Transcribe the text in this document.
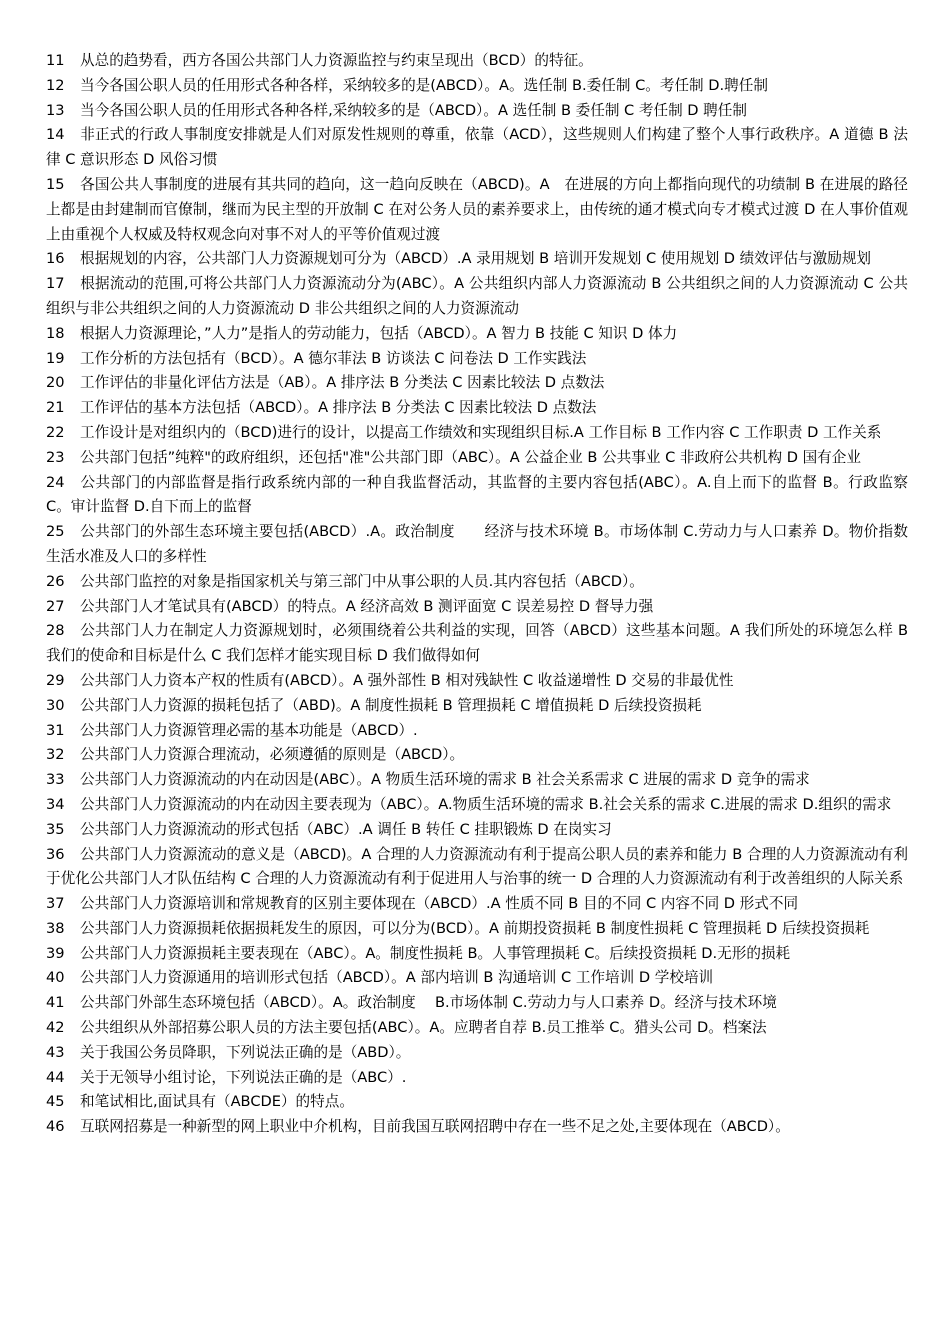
11 从总的趋势看，西方各国公共部门人力资源监控与约束呈现出（BCD）的特征。
12 当今各国公职人员的任用形式各种各样，采纳较多的是(ABCD）。A。选任制 B.委任制 C。考任制 D.聘任制
13 当今各国公职人员的任用形式各种各样,采纳较多的是（ABCD）。A 选任制 B 委任制 C 考任制 D 聘任制
14 非正式的行政人事制度安排就是人们对原发性规则的尊重，依靠（ACD），这些规则人们构建了整个人事行政秩序。A 道德 B 法律 C 意识形态 D 风俗习惯
15 各国公共人事制度的进展有其共同的趋向，这一趋向反映在（ABCD)。A　在进展的方向上都指向现代的功绩制 B 在进展的路径上都是由封建制而官僚制，继而为民主型的开放制 C 在对公务人员的素养要求上，由传统的通才模式向专才模式过渡 D 在人事价值观上由重视个人权威及特权观念向对事不对人的平等价值观过渡
16 根据规划的内容，公共部门人力资源规划可分为（ABCD）.A 录用规划 B 培训开发规划 C 使用规划 D 绩效评估与激励规划
17 根据流动的范围,可将公共部门人力资源流动分为(ABC）。A 公共组织内部人力资源流动 B 公共组织之间的人力资源流动 C 公共组织与非公共组织之间的人力资源流动 D 非公共组织之间的人力资源流动
18 根据人力资源理论，”人力”是指人的劳动能力，包括（ABCD）。A 智力 B 技能 C 知识 D 体力
19 工作分析的方法包括有（BCD）。A 德尔菲法 B 访谈法 C 问卷法 D 工作实践法
20 工作评估的非量化评估方法是（AB）。A 排序法 B 分类法 C 因素比较法 D 点数法
21 工作评估的基本方法包括（ABCD）。A 排序法 B 分类法 C 因素比较法 D 点数法
22 工作设计是对组织内的（BCD)进行的设计，以提高工作绩效和实现组织目标.A 工作目标 B 工作内容 C 工作职责 D 工作关系
23 公共部门包括”纯粹"的政府组织，还包括"准"公共部门即（ABC）。A 公益企业 B 公共事业 C 非政府公共机构 D 国有企业
24 公共部门的内部监督是指行政系统内部的一种自我监督活动，其监督的主要内容包括(ABC）。A.自上而下的监督 B。行政监察 C。审计监督 D.自下而上的监督
25 公共部门的外部生态环境主要包括(ABCD）.A。政治制度　　经济与技术环境 B。市场体制 C.劳动力与人口素养 D。物价指数 生活水准及人口的多样性
26 公共部门监控的对象是指国家机关与第三部门中从事公职的人员.其内容包括（ABCD）。
27 公共部门人才笔试具有(ABCD）的特点。A 经济高效 B 测评面宽 C 误差易控 D 督导力强
28 公共部门人力在制定人力资源规划时，必须围绕着公共利益的实现，回答（ABCD）这些基本问题。A 我们所处的环境怎么样 B 我们的使命和目标是什么 C 我们怎样才能实现目标 D 我们做得如何
29 公共部门人力资本产权的性质有(ABCD）。A 强外部性 B 相对残缺性 C 收益递增性 D 交易的非最优性
30 公共部门人力资源的损耗包括了（ABD)。A 制度性损耗 B 管理损耗 C 增值损耗 D 后续投资损耗
31 公共部门人力资源管理必需的基本功能是（ABCD）.
32 公共部门人力资源合理流动，必须遵循的原则是（ABCD）。
33 公共部门人力资源流动的内在动因是(ABC）。A 物质生活环境的需求 B 社会关系需求 C 进展的需求 D 竞争的需求
34 公共部门人力资源流动的内在动因主要表现为（ABC）。A.物质生活环境的需求 B.社会关系的需求 C.进展的需求 D.组织的需求
35 公共部门人力资源流动的形式包括（ABC）.A 调任 B 转任 C 挂职锻炼 D 在岗实习
36 公共部门人力资源流动的意义是（ABCD)。A 合理的人力资源流动有利于提高公职人员的素养和能力 B 合理的人力资源流动有利于优化公共部门人才队伍结构 C 合理的人力资源流动有利于促进用人与治事的统一 D 合理的人力资源流动有利于改善组织的人际关系
37 公共部门人力资源培训和常规教育的区别主要体现在（ABCD）.A 性质不同 B 目的不同 C 内容不同 D 形式不同
38 公共部门人力资源损耗依据损耗发生的原因，可以分为(BCD）。A 前期投资损耗 B 制度性损耗 C 管理损耗 D 后续投资损耗
39 公共部门人力资源损耗主要表现在（ABC）。A。制度性损耗 B。人事管理损耗 C。后续投资损耗 D.无形的损耗
40 公共部门人力资源通用的培训形式包括（ABCD）。A 部内培训 B 沟通培训 C 工作培训 D 学校培训
41 公共部门外部生态环境包括（ABCD）。A。政治制度　 B.市场体制 C.劳动力与人口素养 D。经济与技术环境
42 公共组织从外部招募公职人员的方法主要包括(ABC）。A。应聘者自荐 B.员工推举 C。猎头公司 D。档案法
43 关于我国公务员降职，下列说法正确的是（ABD）。
44 关于无领导小组讨论，下列说法正确的是（ABC）.
45 和笔试相比,面试具有（ABCDE）的特点。
46 互联网招募是一种新型的网上职业中介机构，目前我国互联网招聘中存在一些不足之处,主要体现在（ABCD）。
